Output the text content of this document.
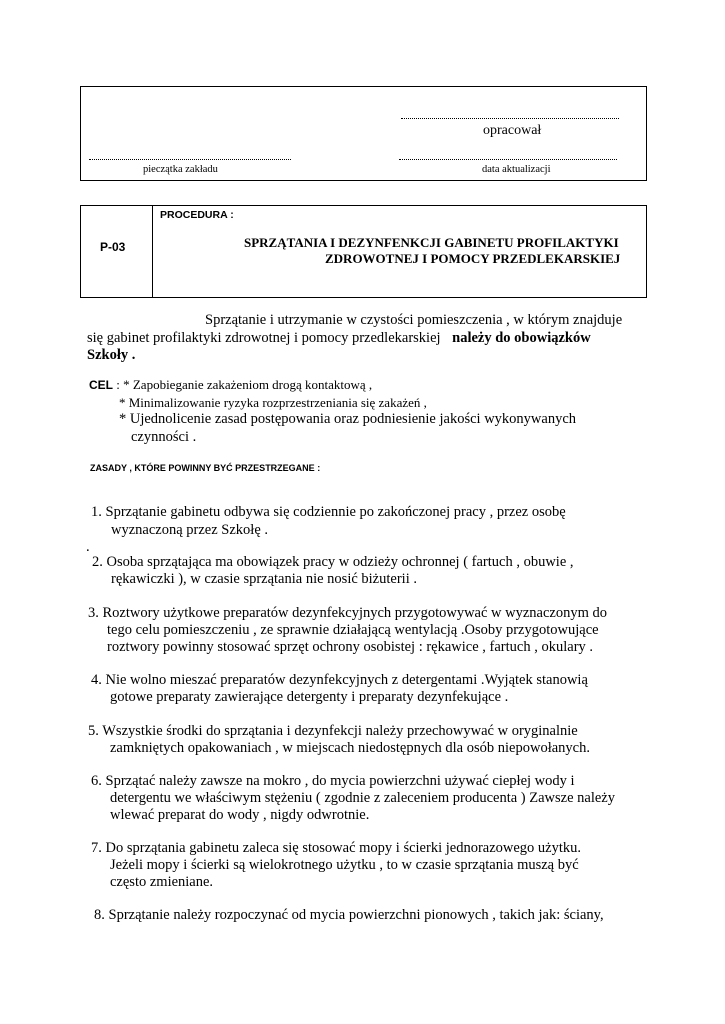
opracował
pieczątka zakładu	data aktualizacji
P-03
PROCEDURA :
SPRZĄTANIA I DEZYNFENKCJI GABINETU PROFILAKTYKI
ZDROWOTNEJ I POMOCY PRZEDLEKARSKIEJ
Sprzątanie i utrzymanie w czystości pomieszczenia , w którym znajduje
się gabinet profilaktyki zdrowotnej i pomocy przedlekarskiej należy do obowiązków
Szkoły .
CEL : * Zapobieganie zakażeniom drogą kontaktową ,
* Minimalizowanie ryzyka rozprzestrzeniania się zakażeń ,
* Ujednolicenie zasad postępowania oraz podniesienie jakości wykonywanych
czynności .
ZASADY , KTÓRE POWINNY BYĆ PRZESTRZEGANE :
1. Sprzątanie gabinetu odbywa się codziennie po zakończonej pracy , przez osobę
wyznaczoną przez Szkołę .
.
2. Osoba sprzątająca ma obowiązek pracy w odzieży ochronnej ( fartuch , obuwie ,
rękawiczki ), w czasie sprzątania nie nosić biżuterii .
3. Roztwory użytkowe preparatów dezynfekcyjnych przygotowywać w wyznaczonym do
tego celu pomieszczeniu , ze sprawnie działającą wentylacją .Osoby przygotowujące
roztwory powinny stosować sprzęt ochrony osobistej : rękawice , fartuch , okulary .
4. Nie wolno mieszać preparatów dezynfekcyjnych z detergentami .Wyjątek stanowią
gotowe preparaty zawierające detergenty i preparaty dezynfekujące .
5. Wszystkie środki do sprzątania i dezynfekcji należy przechowywać w oryginalnie
zamkniętych opakowaniach , w miejscach niedostępnych dla osób niepowołanych.
6. Sprzątać należy zawsze na mokro , do mycia powierzchni używać ciepłej wody i
detergentu we właściwym stężeniu ( zgodnie z zaleceniem producenta ) Zawsze należy
wlewać preparat do wody , nigdy odwrotnie.
7. Do sprzątania gabinetu zaleca się stosować mopy i ścierki jednorazowego użytku.
Jeżeli mopy i ścierki są wielokrotnego użytku , to w czasie sprzątania muszą być
często zmieniane.
8. Sprzątanie należy rozpoczynać od mycia powierzchni pionowych , takich jak: ściany,
